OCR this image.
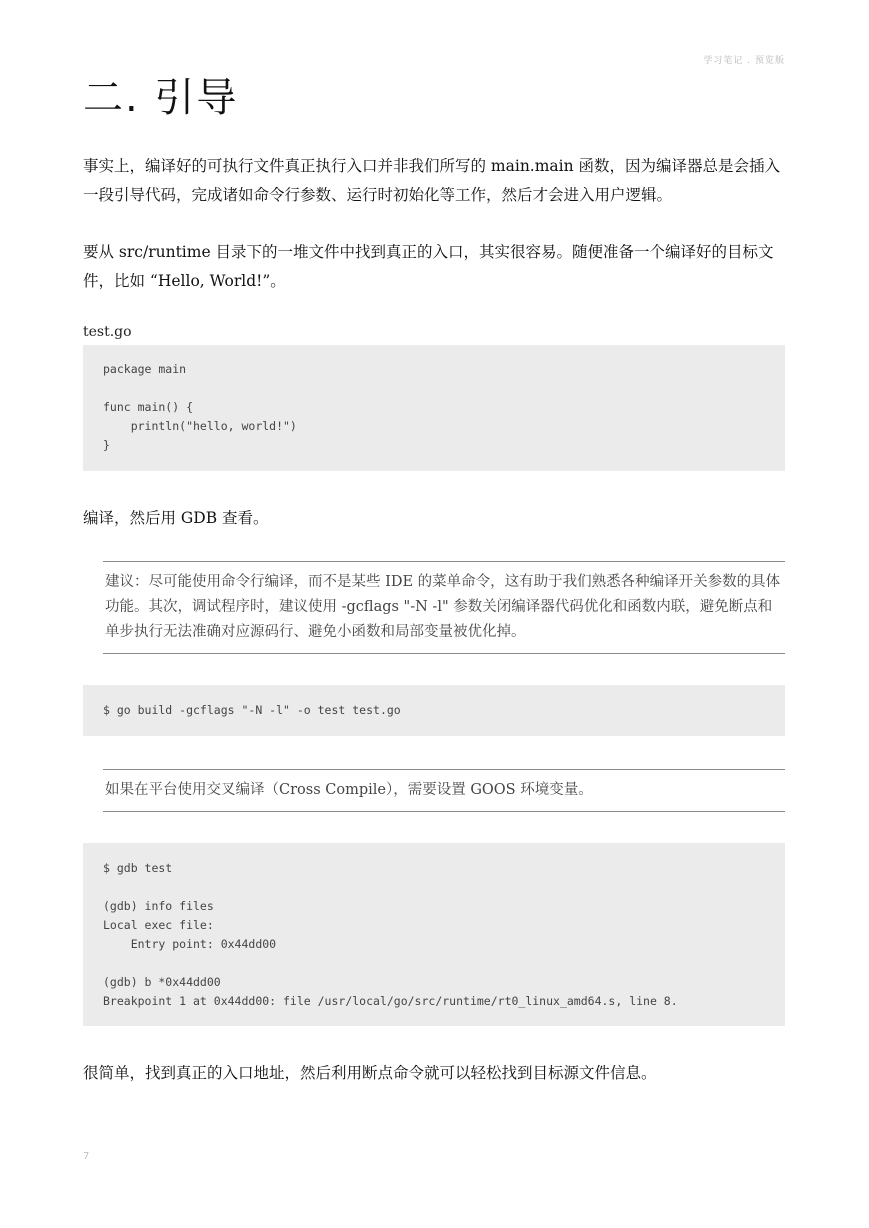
学习笔记 . 预览版
二. 引导

事实上，编译好的可执行文件真正执行入口并非我们所写的 main.main 函数，因为编译器总是会插入一段引导代码，完成诸如命令行参数、运行时初始化等工作，然后才会进入用户逻辑。

要从 src/runtime 目录下的一堆文件中找到真正的入口，其实很容易。随便准备一个编译好的目标文件，比如 “Hello, World!”。

test.go

package main

func main() {
println("hello, world!")
}

编译，然后用 GDB 查看。

建议：尽可能使用命令行编译，而不是某些 IDE 的菜单命令，这有助于我们熟悉各种编译开关参数的具体功能。其次，调试程序时，建议使用 -gcflags "-N -l" 参数关闭编译器代码优化和函数内联，避免断点和单步执行无法准确对应源码行、避免小函数和局部变量被优化掉。
$ go build -gcflags "-N -l" -o test test.go
如果在平台使用交叉编译（Cross Compile），需要设置 GOOS 环境变量。
$ gdb test

(gdb) info files
Local exec file:
Entry point: 0x44dd00

(gdb) b *0x44dd00
Breakpoint 1 at 0x44dd00: file /usr/local/go/src/runtime/rt0_linux_amd64.s, line 8.

很简单，找到真正的入口地址，然后利用断点命令就可以轻松找到目标源文件信息。

7
